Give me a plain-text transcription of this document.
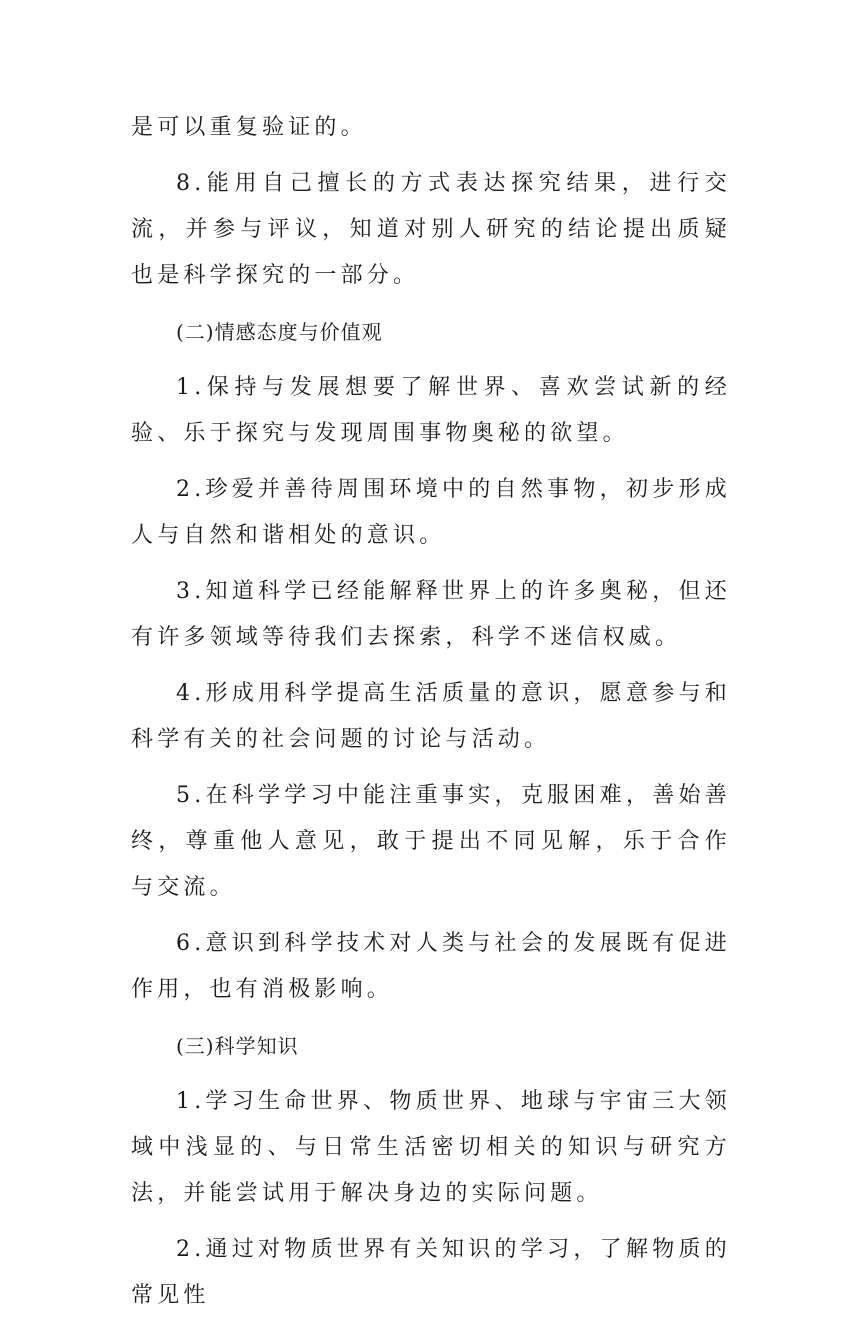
是可以重复验证的。

8.能用自己擅长的方式表达探究结果，进行交流，并参与评议，知道对别人研究的结论提出质疑也是科学探究的一部分。

(二)情感态度与价值观

1.保持与发展想要了解世界、喜欢尝试新的经验、乐于探究与发现周围事物奥秘的欲望。

2.珍爱并善待周围环境中的自然事物，初步形成人与自然和谐相处的意识。

3.知道科学已经能解释世界上的许多奥秘，但还有许多领域等待我们去探索，科学不迷信权威。

4.形成用科学提高生活质量的意识，愿意参与和科学有关的社会问题的讨论与活动。

5.在科学学习中能注重事实，克服困难，善始善终，尊重他人意见，敢于提出不同见解，乐于合作与交流。

6.意识到科学技术对人类与社会的发展既有促进作用，也有消极影响。

(三)科学知识

1.学习生命世界、物质世界、地球与宇宙三大领域中浅显的、与日常生活密切相关的知识与研究方法，并能尝试用于解决身边的实际问题。

2.通过对物质世界有关知识的学习，了解物质的常见性
